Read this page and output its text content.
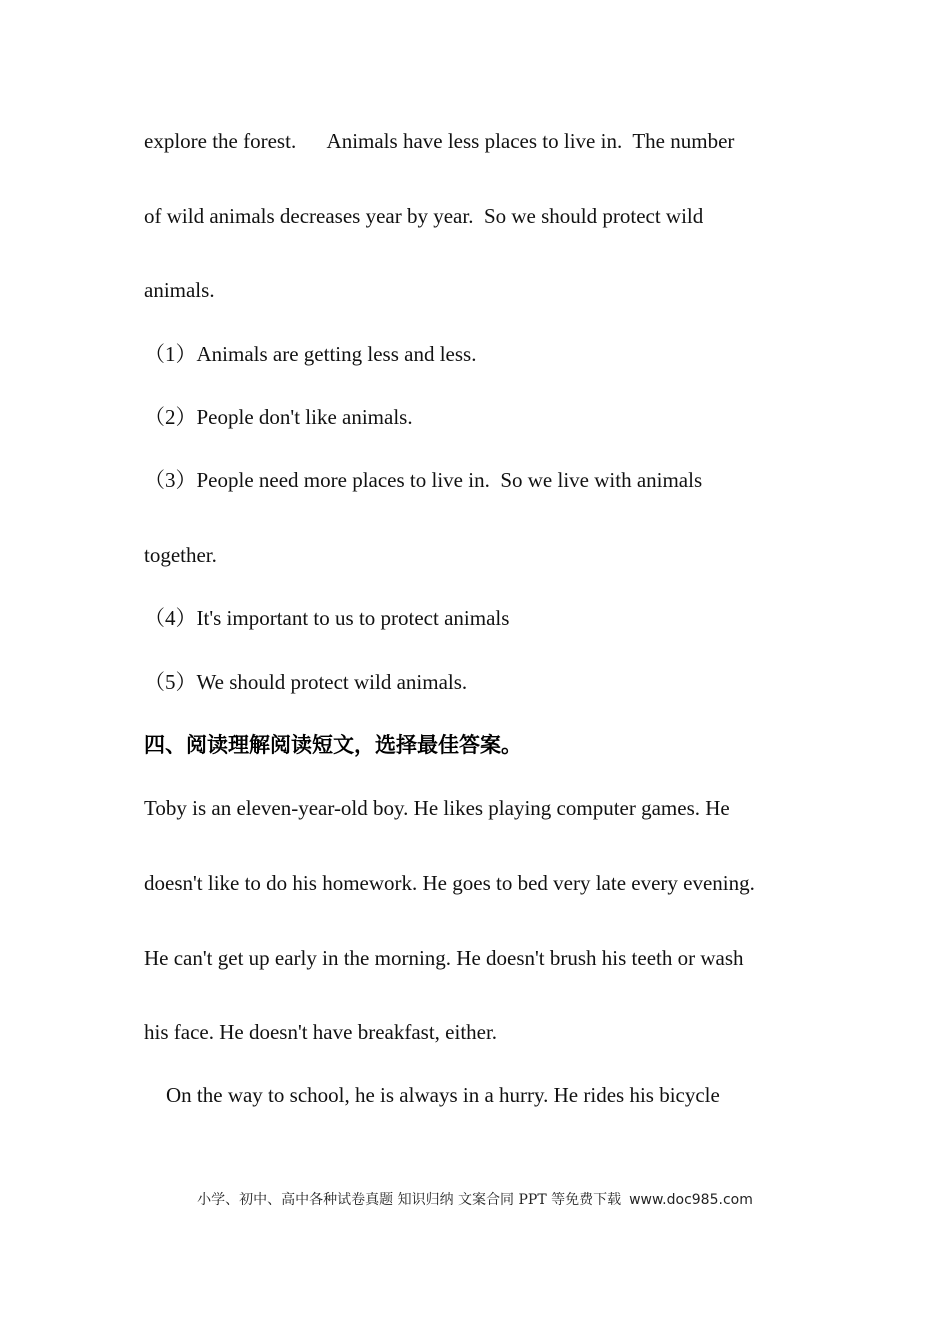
explore the forest.      Animals have less places to live in.  The number
of wild animals decreases year by year.  So we should protect wild
animals.
（1）Animals are getting less and less.
（2）People don't like animals.
（3）People need more places to live in.  So we live with animals
together.
（4）It's important to us to protect animals
（5）We should protect wild animals.
四、阅读理解阅读短文，选择最佳答案。
Toby is an eleven-year-old boy. He likes playing computer games. He
doesn't like to do his homework. He goes to bed very late every evening.
He can't get up early in the morning. He doesn't brush his teeth or wash
his face. He doesn't have breakfast, either.
On the way to school, he is always in a hurry. He rides his bicycle
小学、初中、高中各种试卷真题 知识归纳 文案合同 PPT 等免费下载 www.doc985.com
